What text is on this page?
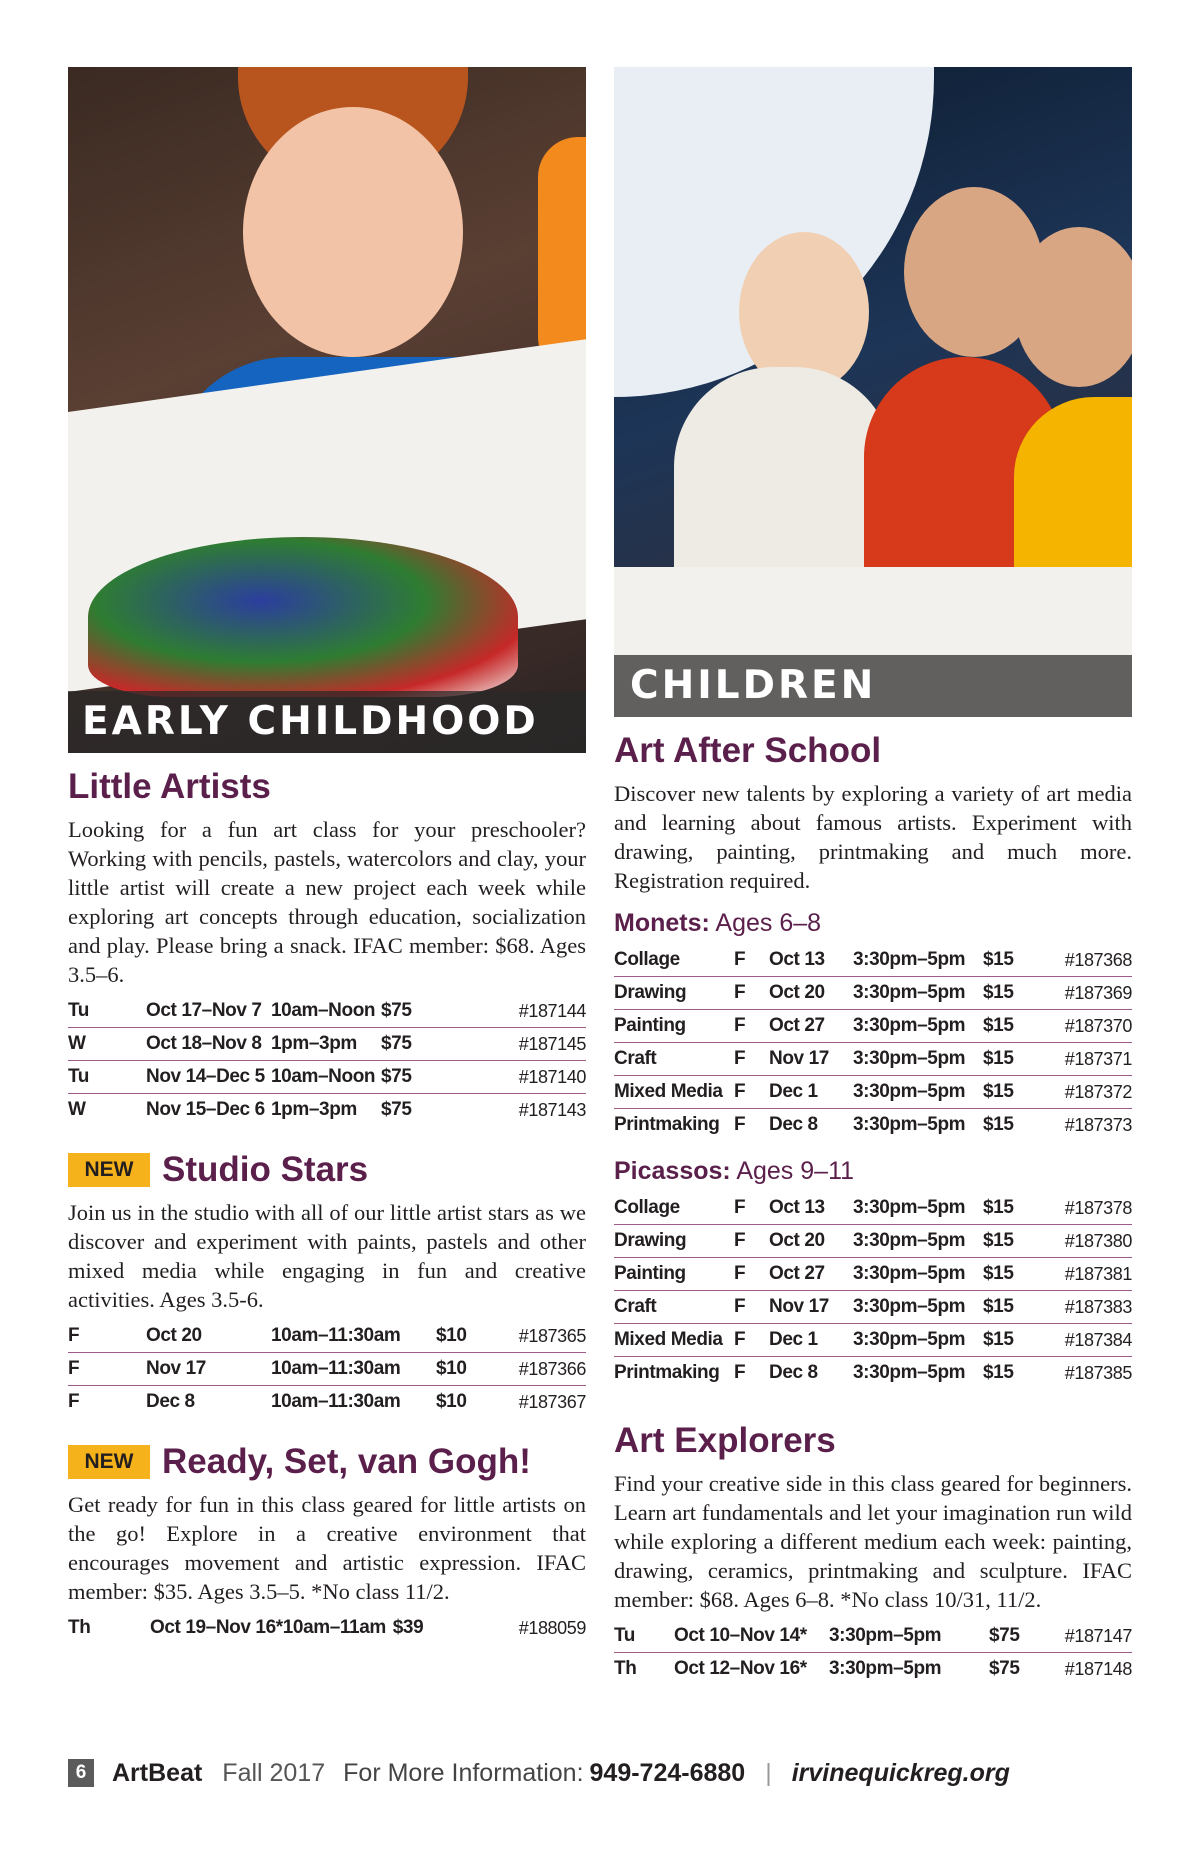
EARLY CHILDHOOD
Little Artists

Looking for a fun art class for your preschooler? Working with pencils, pastels, watercolors and clay, your little artist will create a new project each week while exploring art concepts through education, socialization and play. Please bring a snack. IFAC member: $68. Ages 3.5–6.

Tu	Oct 17–Nov 7	10am–Noon	$75	#187144
W	Oct 18–Nov 8	1pm–3pm	$75	#187145
Tu	Nov 14–Dec 5	10am–Noon	$75	#187140
W	Nov 15–Dec 6	1pm–3pm	$75	#187143
NEW Studio Stars

Join us in the studio with all of our little artist stars as we discover and experiment with paints, pastels and other mixed media while engaging in fun and creative activities. Ages 3.5-6.

F	Oct 20	10am–11:30am	$10	#187365
F	Nov 17	10am–11:30am	$10	#187366
F	Dec 8	10am–11:30am	$10	#187367
NEW Ready, Set, van Gogh!

Get ready for fun in this class geared for little artists on the go! Explore in a creative environment that encourages movement and artistic expression. IFAC member: $35. Ages 3.5–5. *No class 11/2.

Th	Oct 19–Nov 16*	10am–11am	$39	#188059
CHILDREN
Art After School

Discover new talents by exploring a variety of art media and learning about famous artists. Experiment with drawing, painting, printmaking and much more. Registration required.

Monets: Ages 6–8
Collage	F	Oct 13	3:30pm–5pm	$15	#187368
Drawing	F	Oct 20	3:30pm–5pm	$15	#187369
Painting	F	Oct 27	3:30pm–5pm	$15	#187370
Craft	F	Nov 17	3:30pm–5pm	$15	#187371
Mixed Media	F	Dec 1	3:30pm–5pm	$15	#187372
Printmaking	F	Dec 8	3:30pm–5pm	$15	#187373
Picassos: Ages 9–11
Collage	F	Oct 13	3:30pm–5pm	$15	#187378
Drawing	F	Oct 20	3:30pm–5pm	$15	#187380
Painting	F	Oct 27	3:30pm–5pm	$15	#187381
Craft	F	Nov 17	3:30pm–5pm	$15	#187383
Mixed Media	F	Dec 1	3:30pm–5pm	$15	#187384
Printmaking	F	Dec 8	3:30pm–5pm	$15	#187385
Art Explorers

Find your creative side in this class geared for beginners. Learn art fundamentals and let your imagination run wild while exploring a different medium each week: painting, drawing, ceramics, printmaking and sculpture. IFAC member: $68. Ages 6–8. *No class 10/31, 11/2.

Tu	Oct 10–Nov 14*	3:30pm–5pm	$75	#187147
Th	Oct 12–Nov 16*	3:30pm–5pm	$75	#187148
6	ArtBeat Fall 2017 For More Information: 949-724-6880 | irvinequickreg.org
